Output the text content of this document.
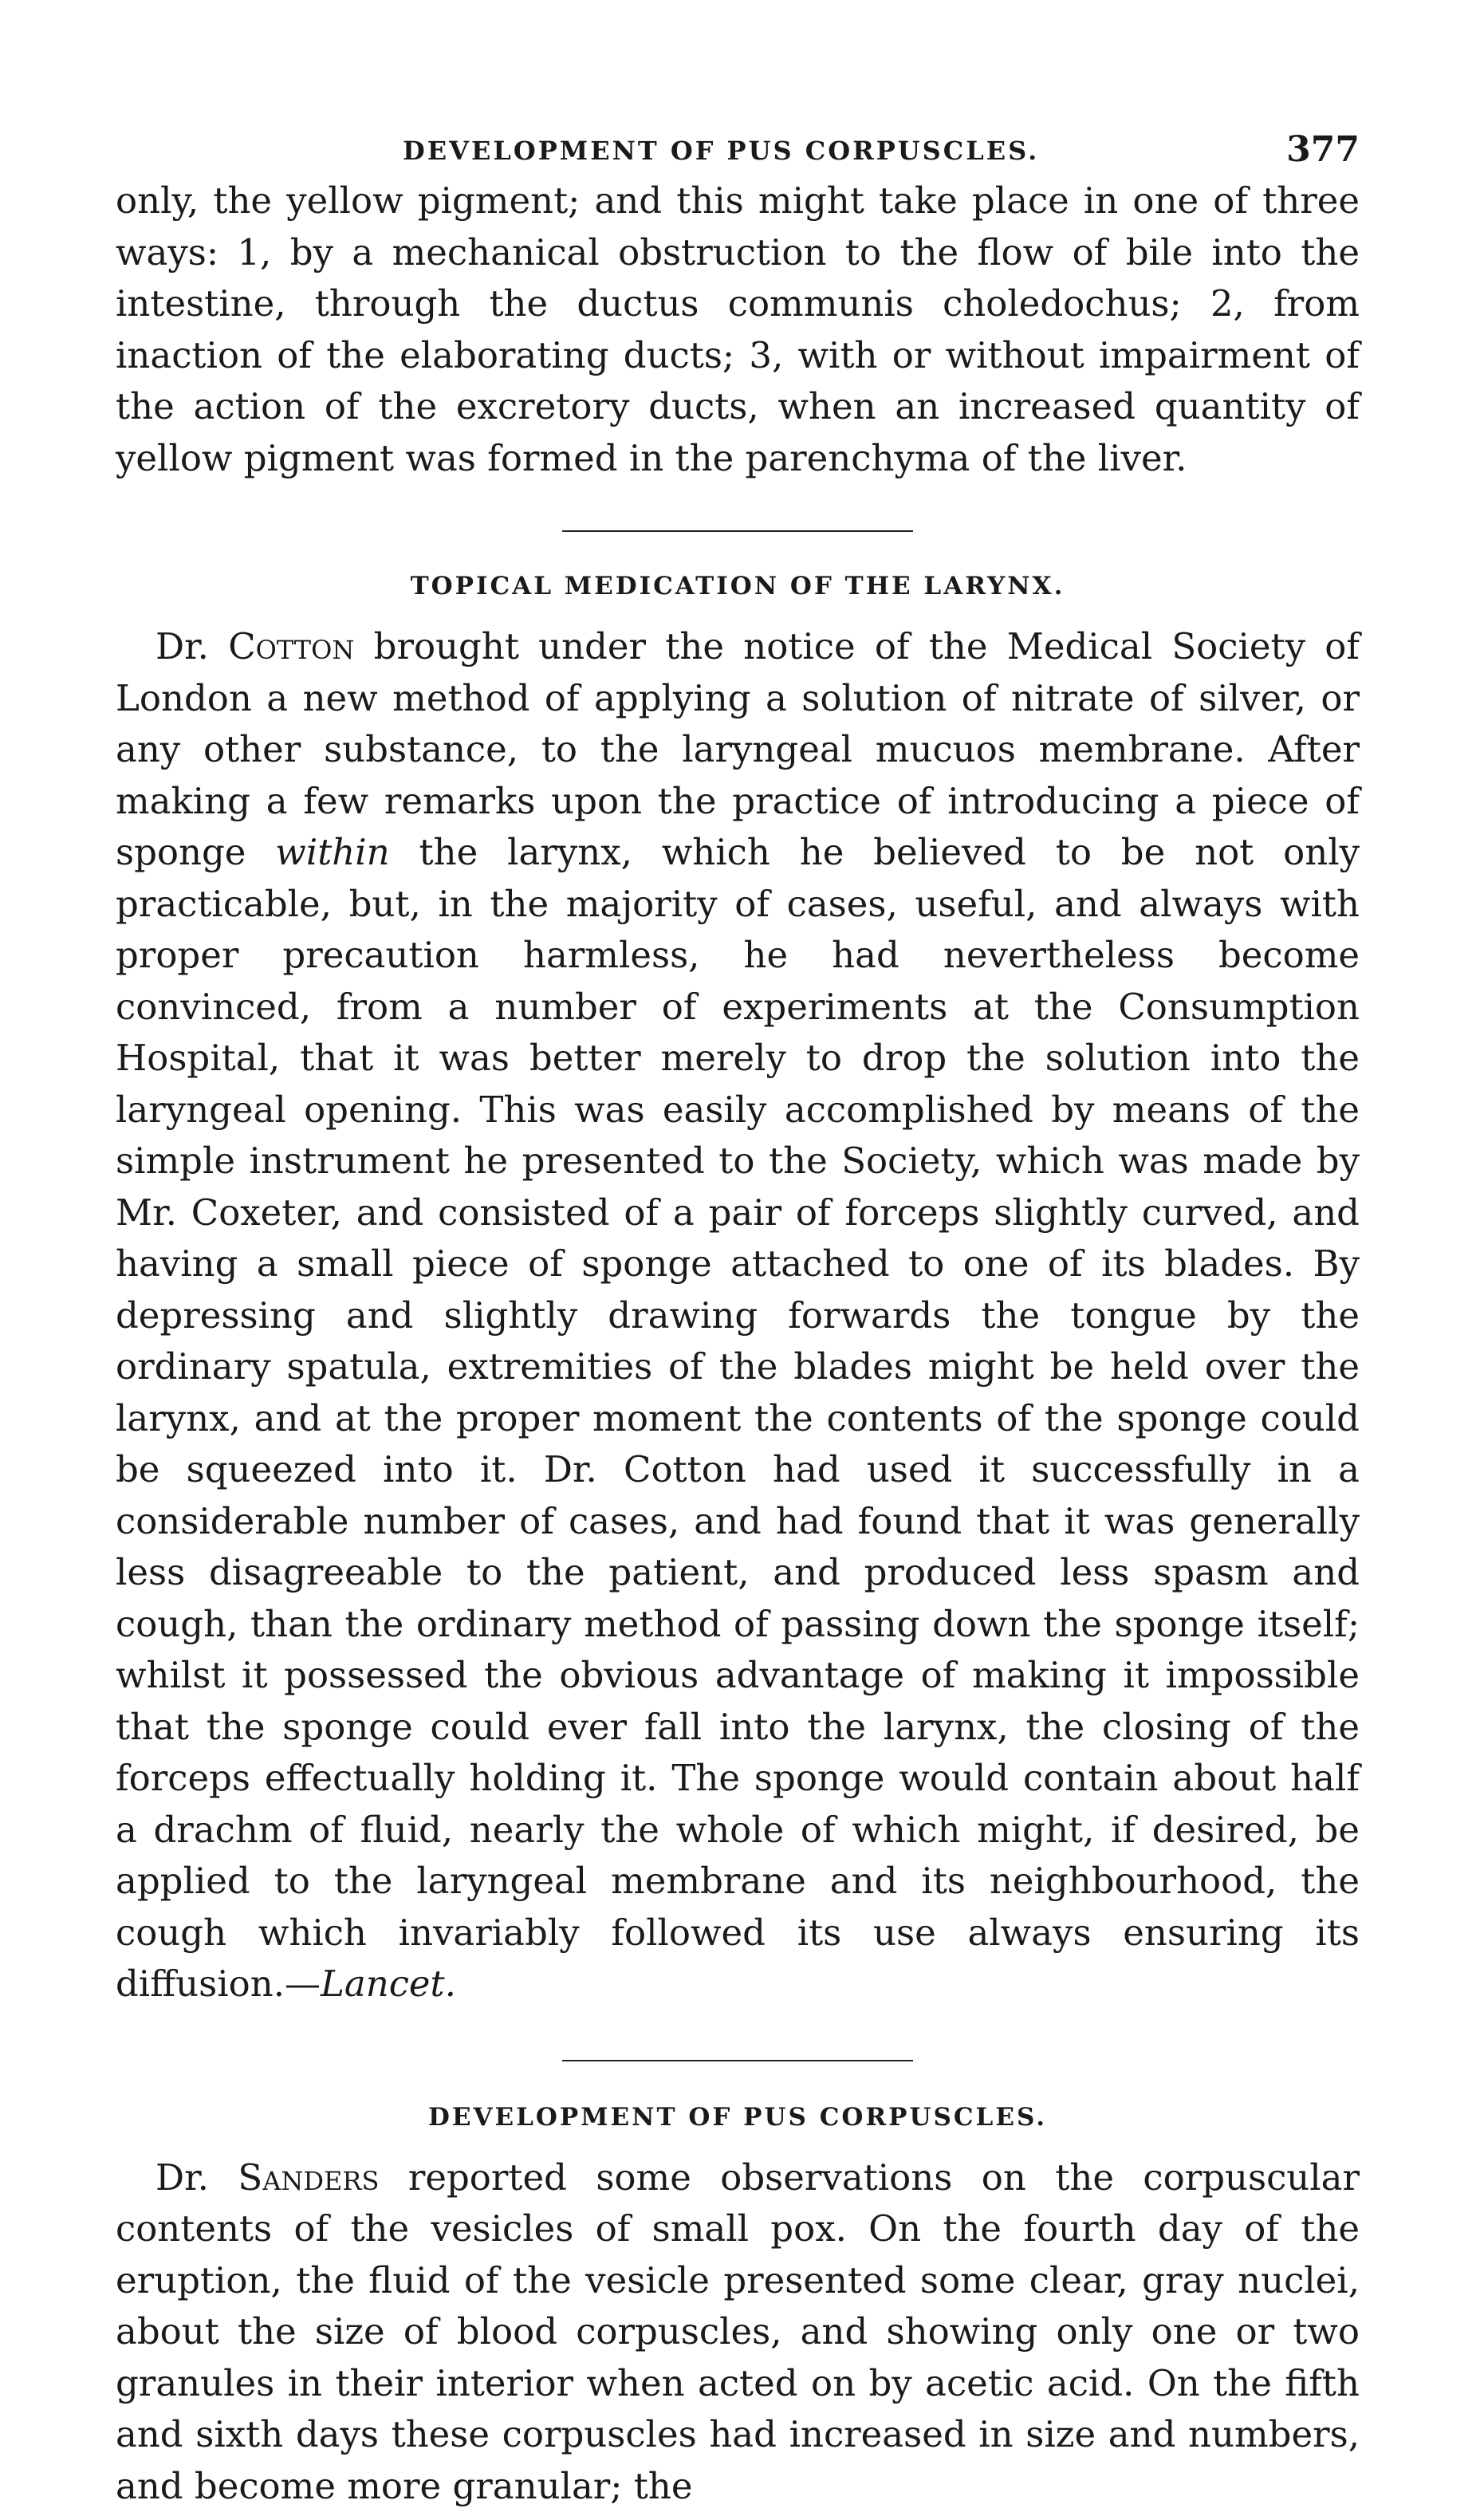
DEVELOPMENT OF PUS CORPUSCLES.	377

only, the yellow pigment; and this might take place in one of three ways: 1, by a mechanical obstruction to the flow of bile into the intestine, through the ductus communis choledochus; 2, from inaction of the elaborating ducts; 3, with or without impairment of the action of the excretory ducts, when an increased quantity of yellow pigment was formed in the parenchyma of the liver.

TOPICAL MEDICATION OF THE LARYNX.

Dr. Cotton brought under the notice of the Medical Society of London a new method of applying a solution of nitrate of silver, or any other substance, to the laryngeal mucuos membrane. After making a few remarks upon the practice of introducing a piece of sponge within the larynx, which he believed to be not only practicable, but, in the majority of cases, useful, and always with proper precaution harmless, he had nevertheless become convinced, from a number of experiments at the Consumption Hospital, that it was better merely to drop the solution into the laryngeal opening. This was easily accomplished by means of the simple instrument he presented to the Society, which was made by Mr. Coxeter, and consisted of a pair of forceps slightly curved, and having a small piece of sponge attached to one of its blades. By depressing and slightly drawing forwards the tongue by the ordinary spatula, extremities of the blades might be held over the larynx, and at the proper moment the contents of the sponge could be squeezed into it. Dr. Cotton had used it successfully in a considerable number of cases, and had found that it was generally less disagreeable to the patient, and produced less spasm and cough, than the ordinary method of passing down the sponge itself; whilst it possessed the obvious advantage of making it impossible that the sponge could ever fall into the larynx, the closing of the forceps effectually holding it. The sponge would contain about half a drachm of fluid, nearly the whole of which might, if desired, be applied to the laryngeal membrane and its neighbourhood, the cough which invariably followed its use always ensuring its diffusion.—Lancet.

DEVELOPMENT OF PUS CORPUSCLES.

Dr. Sanders reported some observations on the corpuscular contents of the vesicles of small pox. On the fourth day of the eruption, the fluid of the vesicle presented some clear, gray nuclei, about the size of blood corpuscles, and showing only one or two granules in their interior when acted on by acetic acid. On the fifth and sixth days these corpuscles had increased in size and numbers, and become more granular; the
